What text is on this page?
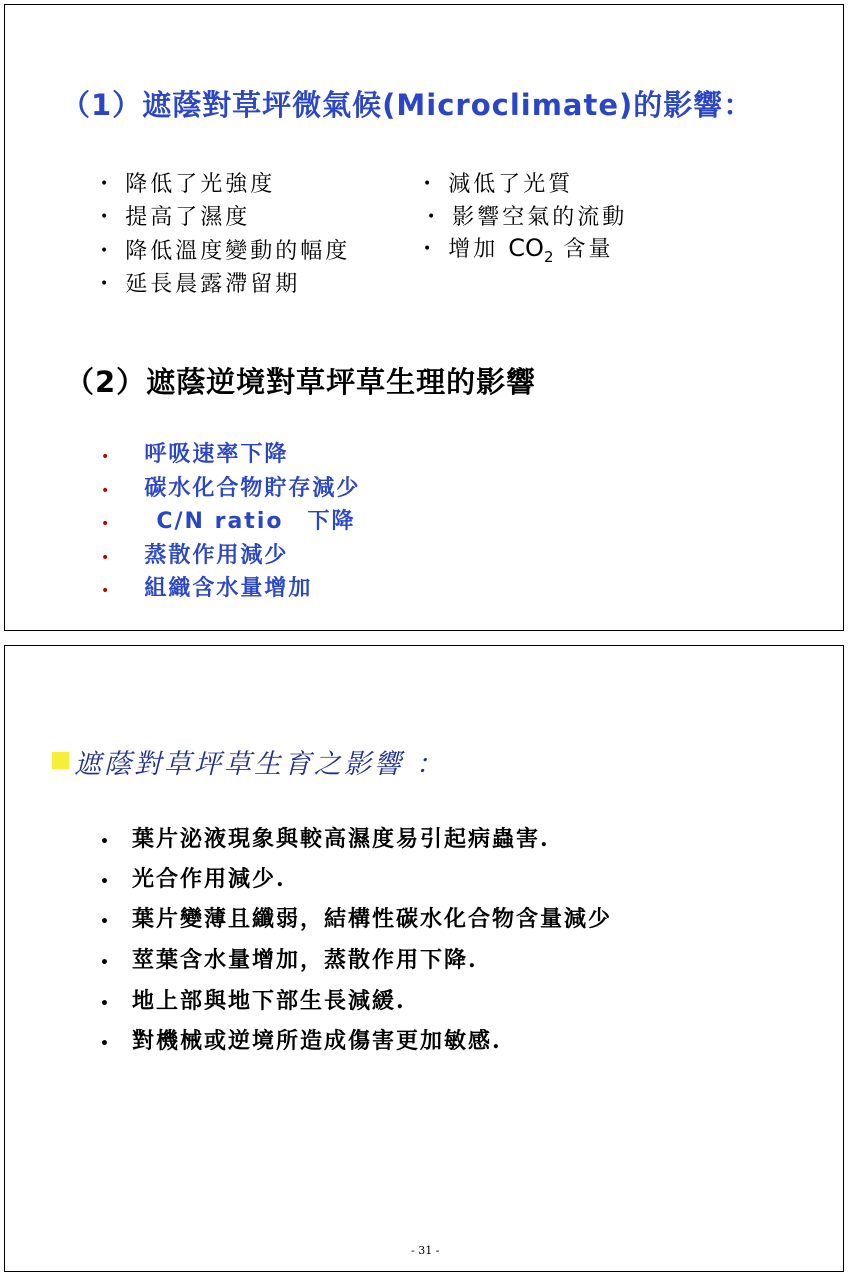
（1）遮蔭對草坪微氣候(Microclimate)的影響：
• 降低了光強度
• 提高了濕度
• 降低溫度變動的幅度
• 延長晨露滯留期
• 減低了光質
• 影響空氣的流動
• 增加 $CO_2$ 含量
（2）遮蔭逆境對草坪草生理的影響
• 呼吸速率下降
• 碳水化合物貯存減少
• C/N ratio　下降
• 蒸散作用減少
• 組織含水量增加
遮蔭對草坪草生育之影響 ：
• 葉片泌液現象與較高濕度易引起病蟲害.
• 光合作用減少.
• 葉片變薄且纖弱，結構性碳水化合物含量減少
• 莖葉含水量增加，蒸散作用下降.
• 地上部與地下部生長減緩.
• 對機械或逆境所造成傷害更加敏感.
- 31 -
